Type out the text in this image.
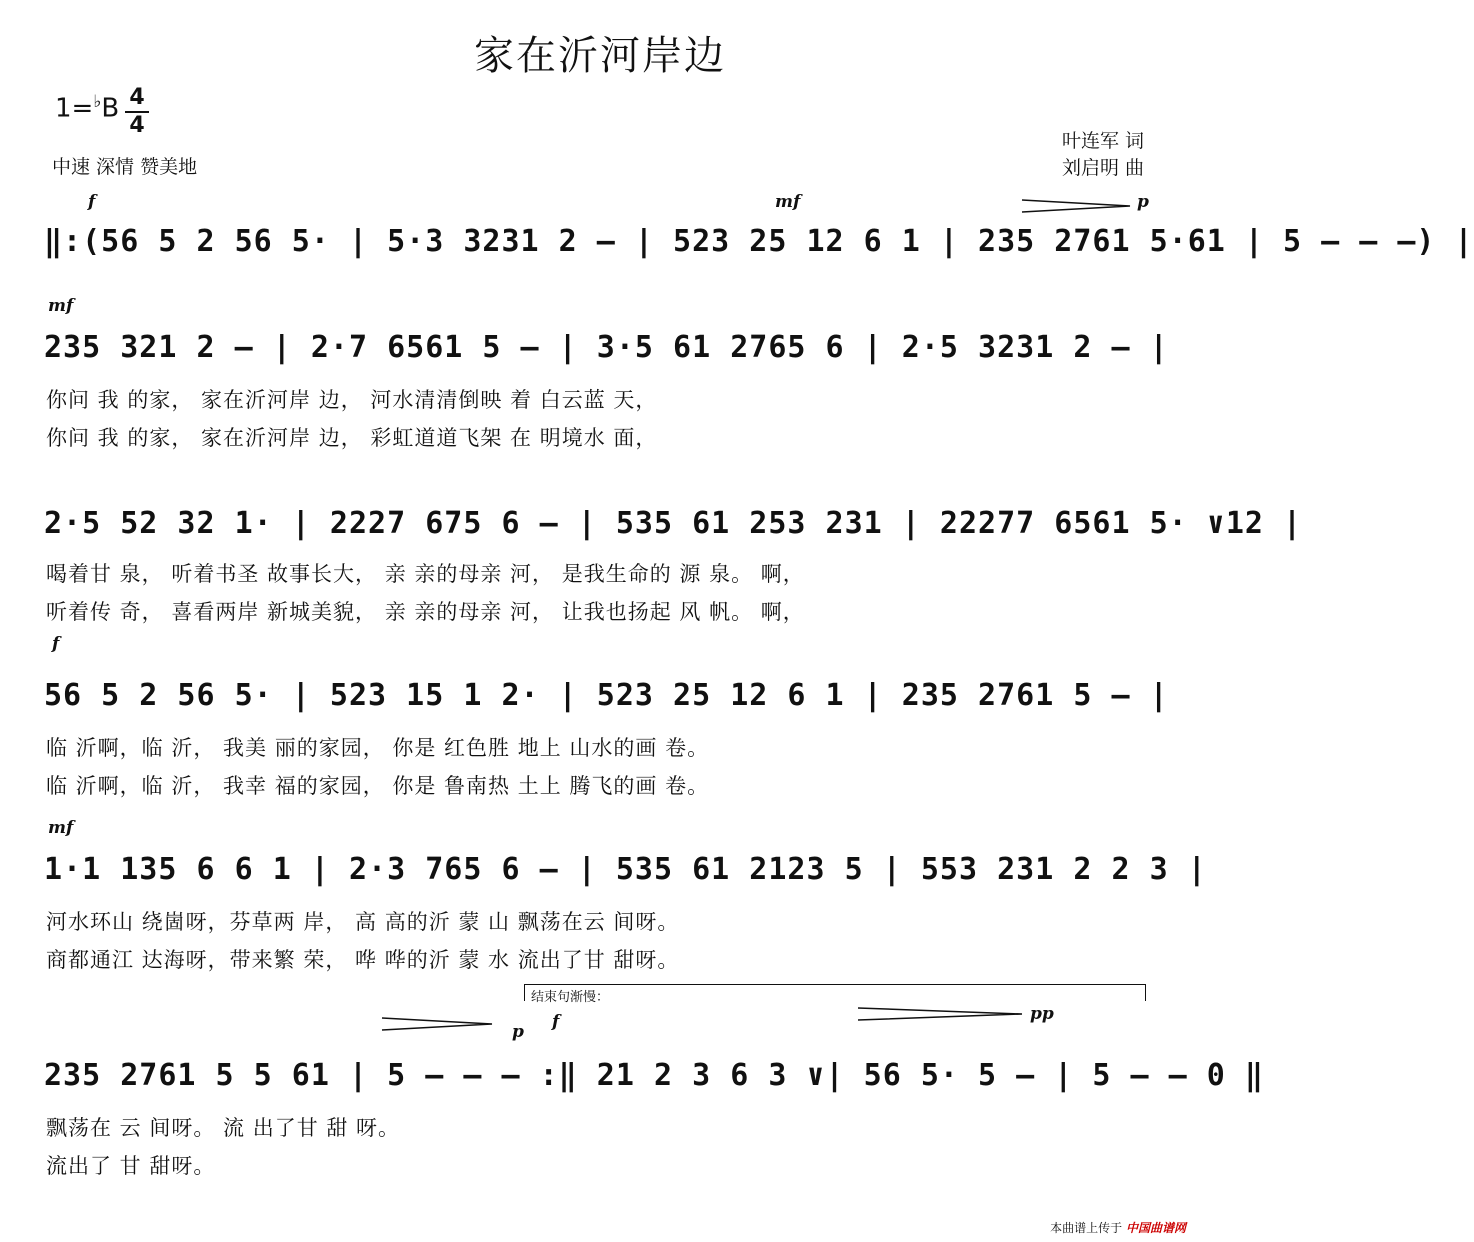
家在沂河岸边
1=♭B 4
4
中速 深情 赞美地
叶连军 词
刘启明 曲
f	mf	p
‖:(56 5 2 56 5· | 5·3 3231 2 – | 523 25 12 6 1 | 235 2761 5·61 | 5 – – –) |
mf
235 321 2 – | 2·7 6561 5 – | 3·5 61 2765 6 | 2·5 3231 2 – |
你问 我 的家， 家在沂河岸 边， 河水清清倒映 着 白云蓝 天，
你问 我 的家， 家在沂河岸 边， 彩虹道道飞架 在 明境水 面，
2·5 52 32 1· | 2227 675 6 – | 535 61 253 231 | 22277 6561 5· ∨12 |
喝着甘 泉， 听着书圣 故事长大， 亲 亲的母亲 河， 是我生命的 源 泉。 啊，
听着传 奇， 喜看两岸 新城美貌， 亲 亲的母亲 河， 让我也扬起 风 帆。 啊，
f
56 5 2 56 5· | 523 15 1 2· | 523 25 12 6 1 | 235 2761 5 – |
临 沂啊，临 沂， 我美 丽的家园， 你是 红色胜 地上 山水的画 卷。
临 沂啊，临 沂， 我幸 福的家园， 你是 鲁南热 土上 腾飞的画 卷。
mf
1·1 135 6 6 1 | 2·3 765 6 – | 535 61 2123 5 | 553 231 2 2 3 |
河水环山 绕崮呀，芬草两 岸， 高 高的沂 蒙 山 飘荡在云 间呀。
商都通江 达海呀，带来繁 荣， 哗 哗的沂 蒙 水 流出了甘 甜呀。
结束句渐慢：
p f	pp
235 2761 5 5 61 | 5 – – – :‖ 21 2 3 6 3 ∨| 56 5· 5 – | 5 – – 0 ‖
飘荡在 云 间呀。 流 出了甘 甜 呀。
流出了 甘 甜呀。
本曲谱上传于 中国曲谱网
